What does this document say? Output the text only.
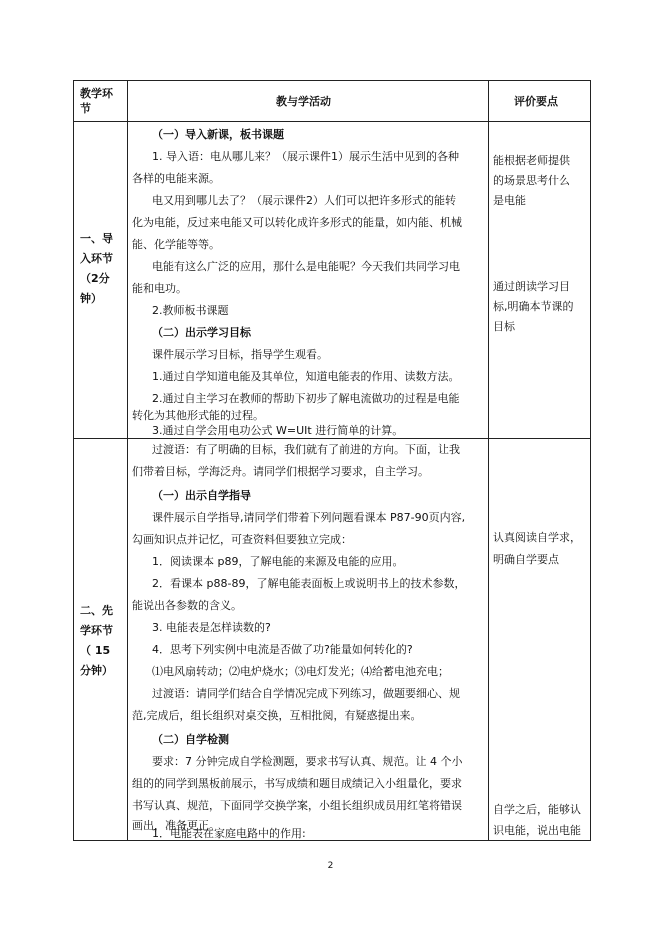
教学环
节
教与学活动	评价要点
一、导
入环节
（2分
钟）
（一）导入新课，板书课题
1. 导入语：电从哪儿来？（展示课件1）展示生活中见到的各种
各样的电能来源。
电又用到哪儿去了？（展示课件2）人们可以把许多形式的能转
化为电能，反过来电能又可以转化成许多形式的能量，如内能、机械
能、化学能等等。
电能有这么广泛的应用，那什么是电能呢？今天我们共同学习电
能和电功。
2.教师板书课题
（二）出示学习目标
课件展示学习目标，指导学生观看。
1.通过自学知道电能及其单位，知道电能表的作用、读数方法。
2.通过自主学习在教师的帮助下初步了解电流做功的过程是电能
转化为其他形式能的过程。
3.通过自学会用电功公式 W=UIt 进行简单的计算。
能根据老师提供
的场景思考什么
是电能
通过朗读学习目
标,明确本节课的
目标
二、先
学环节
（ 15
分钟）
过渡语：有了明确的目标，我们就有了前进的方向。下面，让我
们带着目标，学海泛舟。请同学们根据学习要求，自主学习。
（一）出示自学指导
课件展示自学指导,请同学们带着下列问题看课本 P87-90页内容,
勾画知识点并记忆，可查资料但要独立完成：
1．阅读课本 p89，了解电能的来源及电能的应用。
2．看课本 p88-89，了解电能表面板上或说明书上的技术参数，
能说出各参数的含义。
3. 电能表是怎样读数的?
4．思考下列实例中电流是否做了功?能量如何转化的?
⑴电风扇转动；⑵电炉烧水；⑶电灯发光；⑷给蓄电池充电；
过渡语：请同学们结合自学情况完成下列练习，做题要细心、规
范,完成后，组长组织对桌交换，互相批阅，有疑惑提出来。
（二）自学检测
要求：7 分钟完成自学检测题，要求书写认真、规范。让 4 个小
组的的同学到黑板前展示，书写成绩和题目成绩记入小组量化，要求
书写认真、规范，下面同学交换学案，小组长组织成员用红笔将错误
画出，准备更正。
1．电能表在家庭电路中的作用:
认真阅读自学求，
明确自学要点
自学之后，能够认
识电能，说出电能
2
